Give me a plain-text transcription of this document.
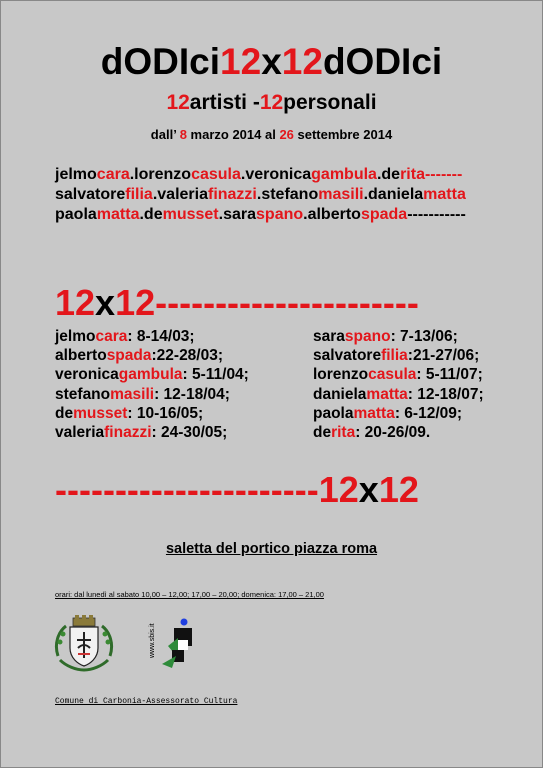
dODIci12x12dODIci
12artisti -12personali
dall’ 8 marzo 2014 al 26 settembre 2014
jelmocara.lorenzocasula.veronicagambula.derita-------
salvatorefilia.valeriafinazzi.stefanomasili.danielamatta
paolamatta.demusset.saraspano.albertospada-----------
12x12----------------------
jelmocara: 8-14/03;
albertospada:22-28/03;
veronicagambula: 5-11/04;
stefanomasili: 12-18/04;
demusset: 10-16/05;
valeriafinazzi: 24-30/05;
saraspano: 7-13/06;
salvatorefilia:21-27/06;
lorenzocasula: 5-11/07;
danielamatta: 12-18/07;
paolamatta: 6-12/09;
derita: 20-26/09.
----------------------12x12
saletta del portico piazza roma
orari: dal lunedì al sabato 10,00 – 12,00; 17,00 – 20,00; domenica: 17,00 – 21,00
www.sbis.it
Comune di Carbonia-Assessorato Cultura
